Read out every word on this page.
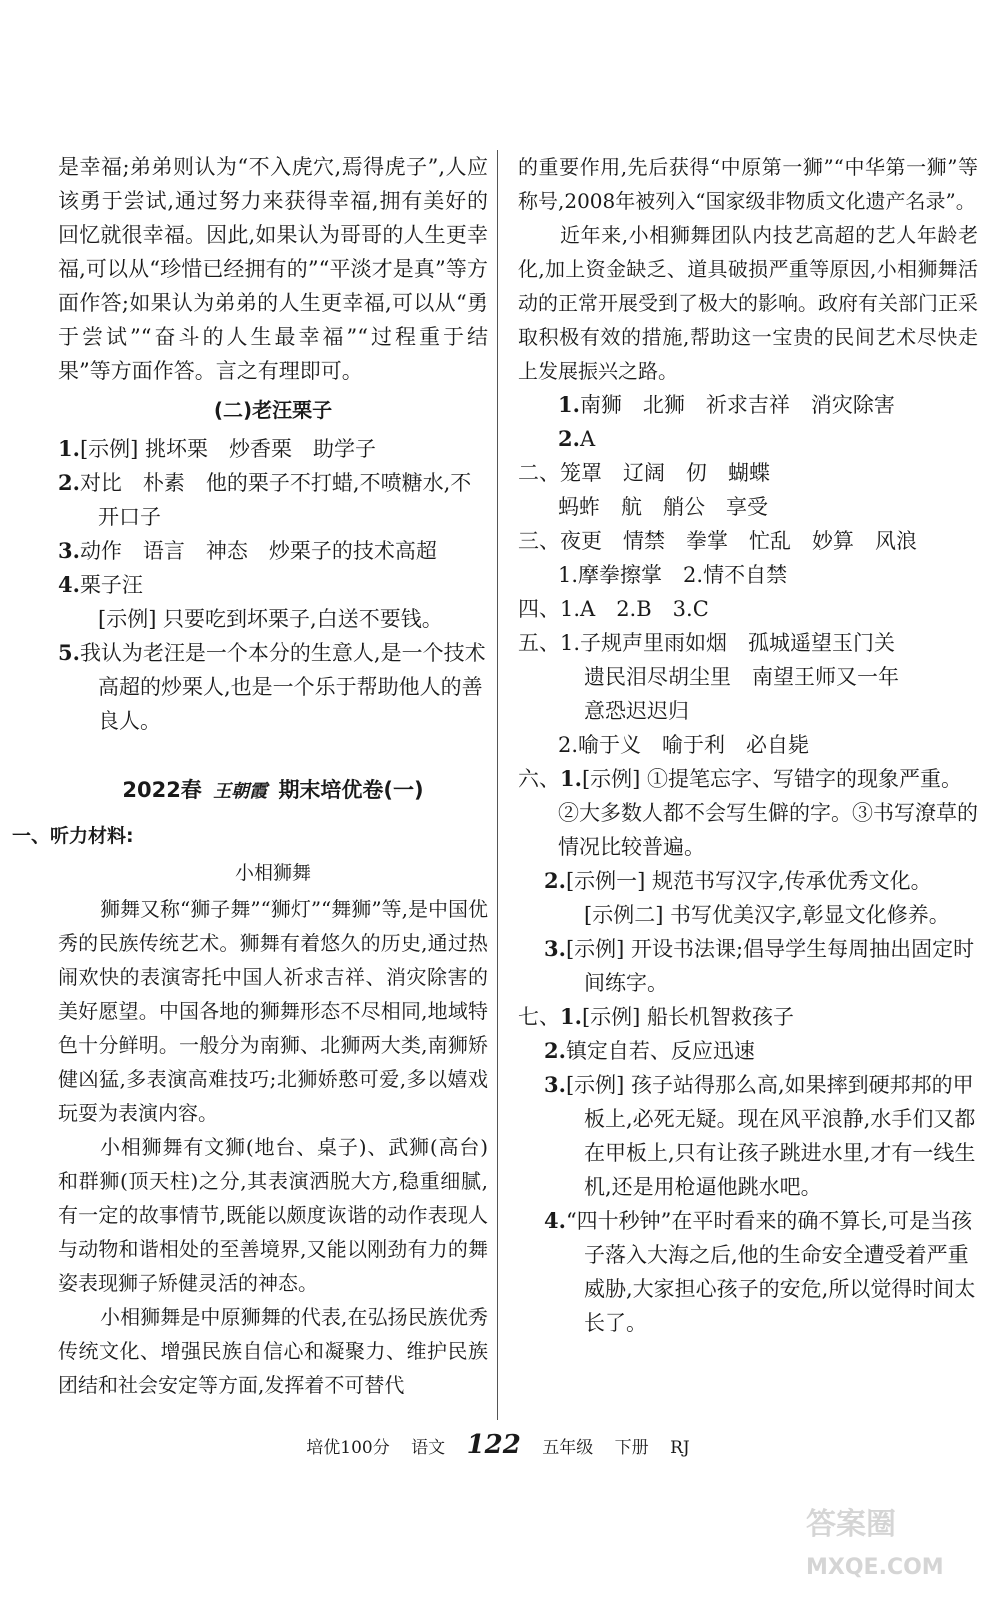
是幸福;弟弟则认为“不入虎穴,焉得虎子”,人应该勇于尝试,通过努力来获得幸福,拥有美好的回忆就很幸福。因此,如果认为哥哥的人生更幸福,可以从“珍惜已经拥有的”“平淡才是真”等方面作答;如果认为弟弟的人生更幸福,可以从“勇于尝试”“奋斗的人生最幸福”“过程重于结果”等方面作答。言之有理即可。

(二)老汪栗子

1.[示例] 挑坏栗　炒香栗　助学子

2.对比　朴素　他的栗子不打蜡,不喷糖水,不开口子

3.动作　语言　神态　炒栗子的技术高超

4.栗子汪

[示例] 只要吃到坏栗子,白送不要钱。

5.我认为老汪是一个本分的生意人,是一个技术高超的炒栗人,也是一个乐于帮助他人的善良人。

2022春 王朝霞 期末培优卷(一)
一、听力材料:
小相狮舞

狮舞又称“狮子舞”“狮灯”“舞狮”等,是中国优秀的民族传统艺术。狮舞有着悠久的历史,通过热闹欢快的表演寄托中国人祈求吉祥、消灾除害的美好愿望。中国各地的狮舞形态不尽相同,地域特色十分鲜明。一般分为南狮、北狮两大类,南狮矫健凶猛,多表演高难技巧;北狮娇憨可爱,多以嬉戏玩耍为表演内容。

小相狮舞有文狮(地台、桌子)、武狮(高台)和群狮(顶天柱)之分,其表演洒脱大方,稳重细腻,有一定的故事情节,既能以颇度诙谐的动作表现人与动物和谐相处的至善境界,又能以刚劲有力的舞姿表现狮子矫健灵活的神态。

小相狮舞是中原狮舞的代表,在弘扬民族优秀传统文化、增强民族自信心和凝聚力、维护民族团结和社会安定等方面,发挥着不可替代

的重要作用,先后获得“中原第一狮”“中华第一狮”等称号,2008年被列入“国家级非物质文化遗产名录”。

近年来,小相狮舞团队内技艺高超的艺人年龄老化,加上资金缺乏、道具破损严重等原因,小相狮舞活动的正常开展受到了极大的影响。政府有关部门正采取积极有效的措施,帮助这一宝贵的民间艺术尽快走上发展振兴之路。

1.南狮　北狮　祈求吉祥　消灾除害

2.A

二、笼罩　辽阔　仞　蝴蝶

蚂蚱　航　艄公　享受

三、夜更　情禁　拳掌　忙乱　妙算　风浪

1.摩拳擦掌　2.情不自禁

四、1.A　2.B　3.C

五、1.子规声里雨如烟　孤城遥望玉门关

遗民泪尽胡尘里　南望王师又一年

意恐迟迟归

2.喻于义　喻于利　必自毙

六、1.[示例] ①提笔忘字、写错字的现象严重。②大多数人都不会写生僻的字。③书写潦草的情况比较普遍。

2.[示例一] 规范书写汉字,传承优秀文化。

[示例二] 书写优美汉字,彰显文化修养。

3.[示例] 开设书法课;倡导学生每周抽出固定时间练字。

七、1.[示例] 船长机智救孩子

2.镇定自若、反应迅速

3.[示例] 孩子站得那么高,如果摔到硬邦邦的甲板上,必死无疑。现在风平浪静,水手们又都在甲板上,只有让孩子跳进水里,才有一线生机,还是用枪逼他跳水吧。

4.“四十秒钟”在平时看来的确不算长,可是当孩子落入大海之后,他的生命安全遭受着严重威胁,大家担心孩子的安危,所以觉得时间太长了。

培优100分 语文 122 五年级 下册 RJ
答案圈
MXQE.COM
